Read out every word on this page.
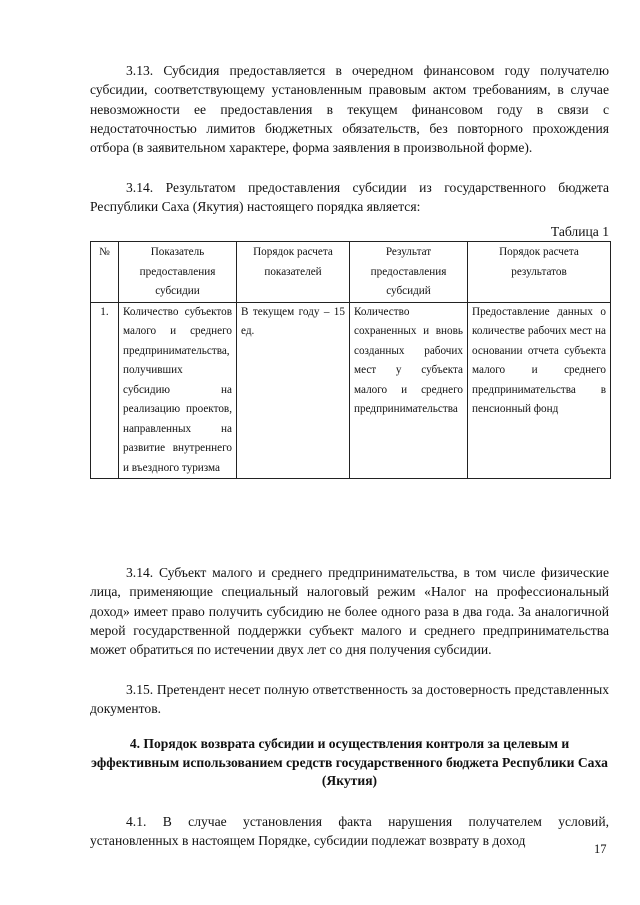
3.13. Субсидия предоставляется в очередном финансовом году получателю субсидии, соответствующему установленным правовым актом требованиям, в случае невозможности ее предоставления в текущем финансовом году в связи с недостаточностью лимитов бюджетных обязательств, без повторного прохождения отбора (в заявительном характере, форма заявления в произвольной форме).

3.14. Результатом предоставления субсидии из государственного бюджета Республики Саха (Якутия) настоящего порядка является:

Таблица 1
№	Показатель предоставления субсидии	Порядок расчета показателей	Результат предоставления субсидий	Порядок расчета результатов
1.	Количество субъектов малого и среднего предпринимательства, получивших субсидию на реализацию проектов, направленных на развитие внутреннего и въездного туризма	В текущем году – 15 ед.	Количество сохраненных и вновь созданных рабочих мест у субъекта малого и среднего предпринимательства	Предоставление данных о количестве рабочих мест на основании отчета субъекта малого и среднего предпринимательства в пенсионный фонд

3.14. Субъект малого и среднего предпринимательства, в том числе физические лица, применяющие специальный налоговый режим «Налог на профессиональный доход» имеет право получить субсидию не более одного раза в два года. За аналогичной мерой государственной поддержки субъект малого и среднего предпринимательства может обратиться по истечении двух лет со дня получения субсидии.

3.15. Претендент несет полную ответственность за достоверность представленных документов.

4. Порядок возврата субсидии и осуществления контроля за целевым и эффективным использованием средств государственного бюджета Республики Саха (Якутия)

4.1. В случае установления факта нарушения получателем условий, установленных в настоящем Порядке, субсидии подлежат возврату в доход

17
